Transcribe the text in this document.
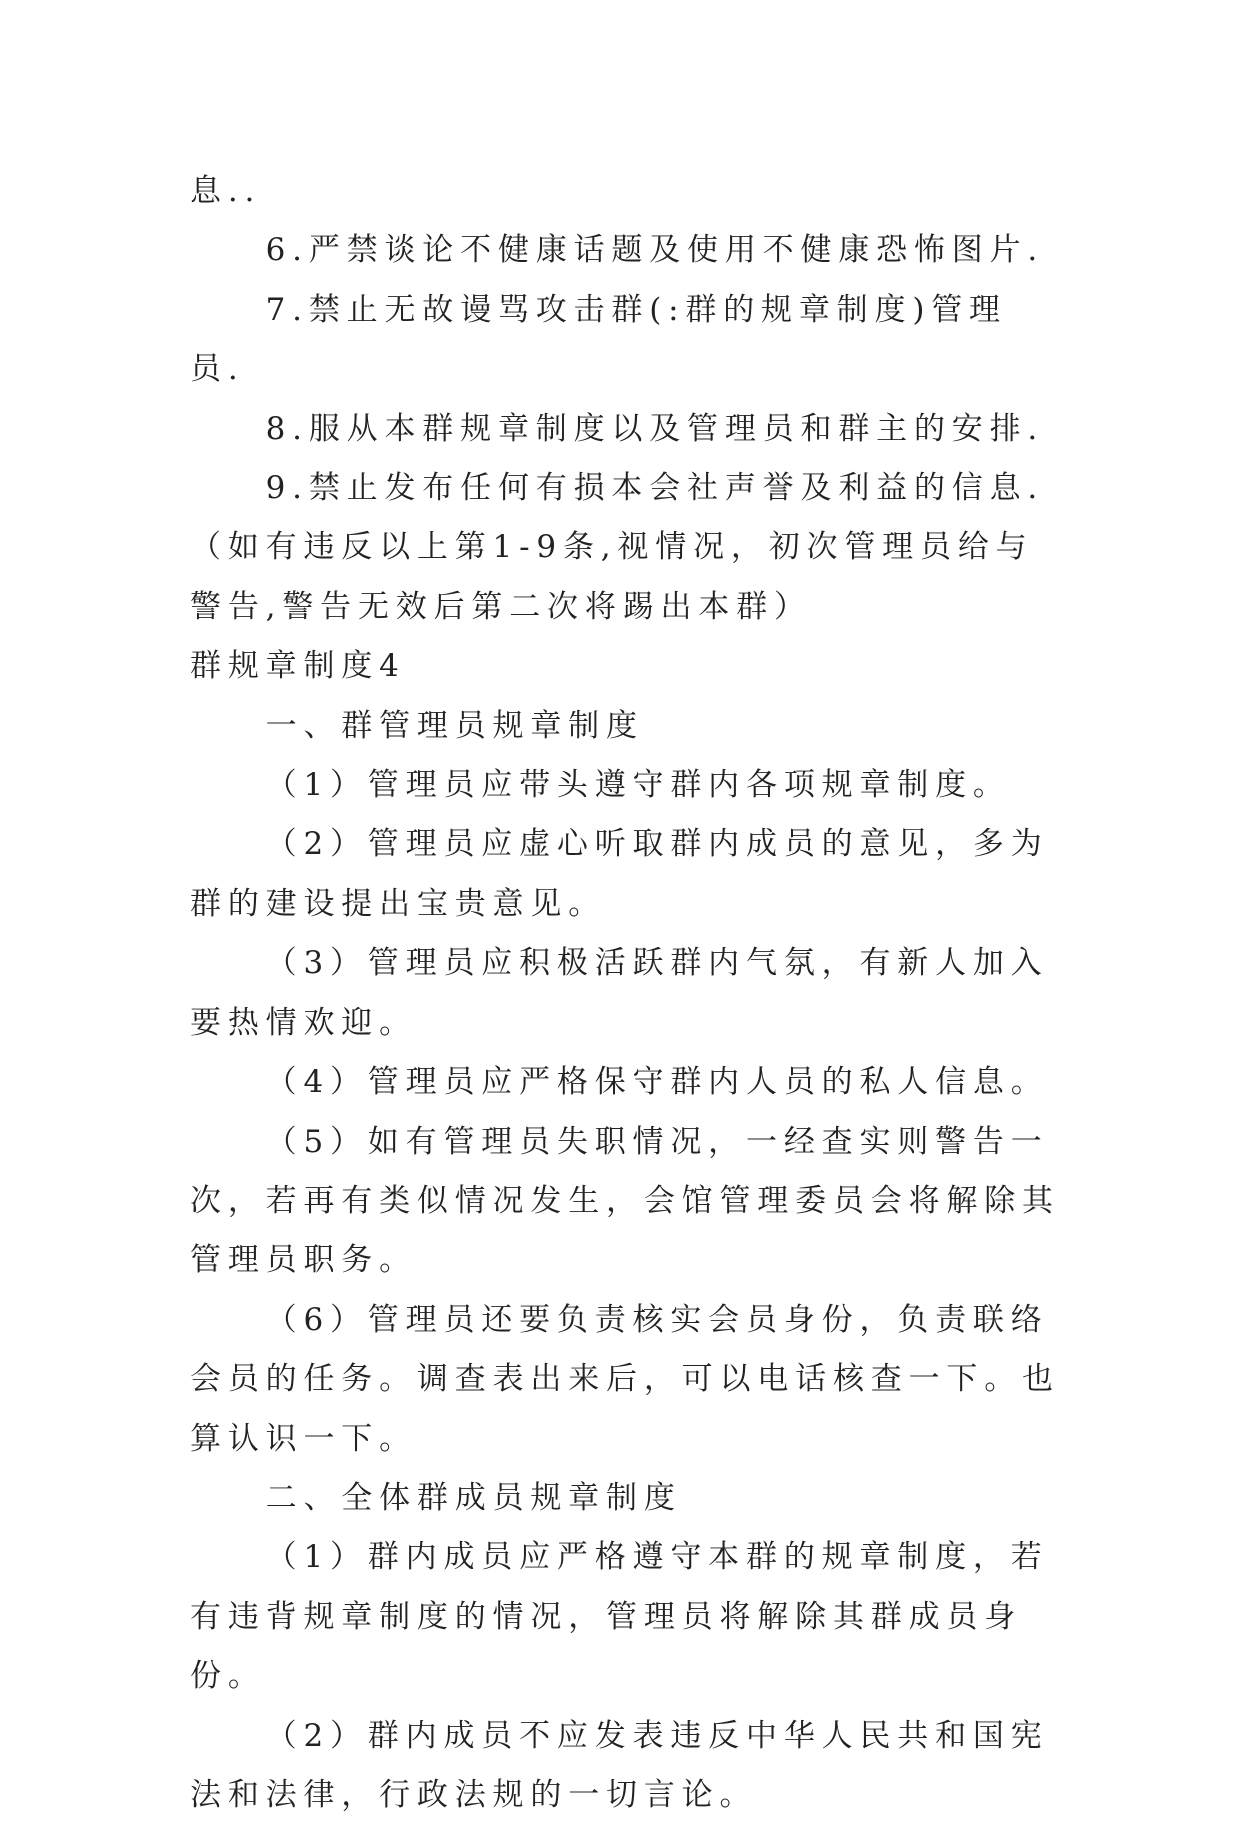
息..

6.严禁谈论不健康话题及使用不健康恐怖图片.

7.禁止无故谩骂攻击群(:群的规章制度)管理员.

8.服从本群规章制度以及管理员和群主的安排.

9.禁止发布任何有损本会社声誉及利益的信息.（如有违反以上第1-9条,视情况，初次管理员给与警告,警告无效后第二次将踢出本群）

群规章制度4

一、群管理员规章制度

（1）管理员应带头遵守群内各项规章制度。

（2）管理员应虚心听取群内成员的意见，多为群的建设提出宝贵意见。

（3）管理员应积极活跃群内气氛，有新人加入要热情欢迎。

（4）管理员应严格保守群内人员的私人信息。

（5）如有管理员失职情况，一经查实则警告一次，若再有类似情况发生，会馆管理委员会将解除其管理员职务。

（6）管理员还要负责核实会员身份，负责联络会员的任务。调查表出来后，可以电话核查一下。也算认识一下。

二、全体群成员规章制度

（1）群内成员应严格遵守本群的规章制度，若有违背规章制度的情况，管理员将解除其群成员身份。

（2）群内成员不应发表违反中华人民共和国宪法和法律，行政法规的一切言论。
